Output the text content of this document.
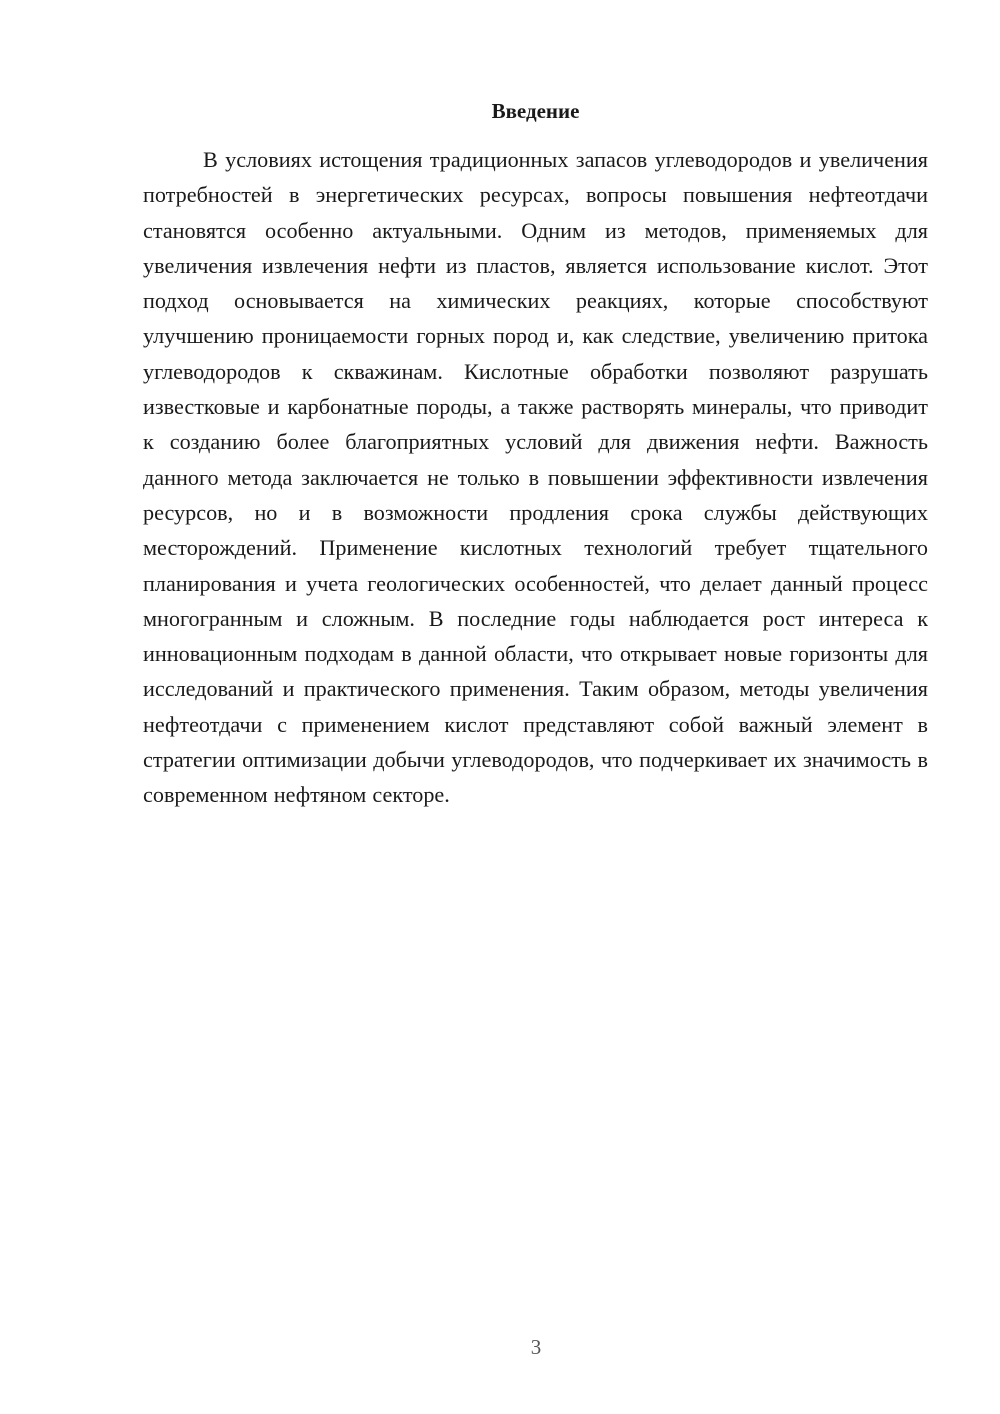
Введение

В условиях истощения традиционных запасов углеводородов и увеличения потребностей в энергетических ресурсах, вопросы повышения нефтеотдачи становятся особенно актуальными. Одним из методов, применяемых для увеличения извлечения нефти из пластов, является использование кислот. Этот подход основывается на химических реакциях, которые способствуют улучшению проницаемости горных пород и, как следствие, увеличению притока углеводородов к скважинам. Кислотные обработки позволяют разрушать известковые и карбонатные породы, а также растворять минералы, что приводит к созданию более благоприятных условий для движения нефти. Важность данного метода заключается не только в повышении эффективности извлечения ресурсов, но и в возможности продления срока службы действующих месторождений. Применение кислотных технологий требует тщательного планирования и учета геологических особенностей, что делает данный процесс многогранным и сложным. В последние годы наблюдается рост интереса к инновационным подходам в данной области, что открывает новые горизонты для исследований и практического применения. Таким образом, методы увеличения нефтеотдачи с применением кислот представляют собой важный элемент в стратегии оптимизации добычи углеводородов, что подчеркивает их значимость в современном нефтяном секторе.

3
